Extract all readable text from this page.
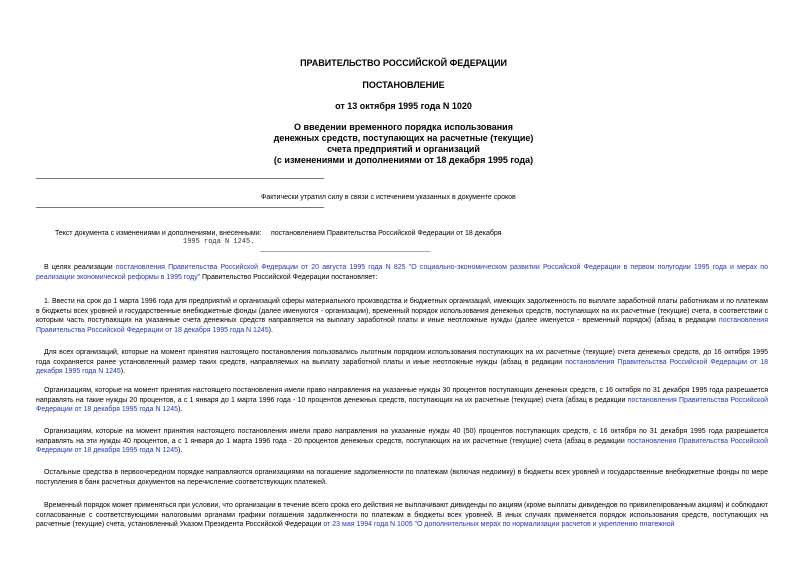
ПРАВИТЕЛЬСТВО РОССИЙСКОЙ ФЕДЕРАЦИИ
ПОСТАНОВЛЕНИЕ
от 13 октября 1995 года N 1020
О введении временного порядка использования
денежных средств, поступающих на расчетные (текущие)
счета предприятий и организаций
(с изменениями и дополнениями от 18 декабря 1995 года)
Фактически утратил силу в связи с истечением указанных в документе сроков
Текст документа с изменениями и дополнениями, внесенными: постановлением Правительства Российской Федерации от 18 декабря
1995 года N 1245.

В целях реализации постановления Правительства Российской Федерации от 20 августа 1995 года N 825 "О социально-экономическом развитии Российской Федерации в первом полугодии 1995 года и мерах по реализации экономической реформы в 1995 году" Правительство Российской Федерации постановляет:

1. Ввести на срок до 1 марта 1996 года для предприятий и организаций сферы материального производства и бюджетных организаций, имеющих задолженность по выплате заработной платы работникам и по платежам в бюджеты всех уровней и государственные внебюджетные фонды (далее именуются - организации), временный порядок использования денежных средств, поступающих на их расчетные (текущие) счета, в соответствии с которым часть поступающих на указанные счета денежных средств направляется на выплату заработной платы и иные неотложные нужды (далее именуется - временный порядок) (абзац в редакции постановления Правительства Российской Федерации от 18 декабря 1995 года N 1245).

Для всех организаций, которые на момент принятия настоящего постановления пользовались льготным порядком использования поступающих на их расчетные (текущие) счета денежных средств, до 16 октября 1995 года сохраняется ранее установленный размер таких средств, направляемых на выплату заработной платы и иные неотложные нужды (абзац в редакции постановления Правительства Российской Федерации от 18 декабря 1995 года N 1245).

Организациям, которые на момент принятия настоящего постановления имели право направления на указанные нужды 30 процентов поступающих денежных средств, с 16 октября по 31 декабря 1995 года разрешается направлять на такие нужды 20 процентов, а с 1 января до 1 марта 1996 года - 10 процентов денежных средств, поступающих на их расчетные (текущие) счета (абзац в редакции постановления Правительства Российской Федерации от 18 декабря 1995 года N 1245).

Организациям, которые на момент принятия настоящего постановления имели право направления на указанные нужды 40 (50) процентов поступающих средств, с 16 октября по 31 декабря 1995 года разрешается направлять на эти нужды 40 процентов, а с 1 января до 1 марта 1996 года - 20 процентов денежных средств, поступающих на их расчетные (текущие) счета (абзац в редакции постановления Правительства Российской Федерации от 18 декабря 1995 года N 1245).

Остальные средства в первоочередном порядке направляются организациями на погашение задолженности по платежам (включая недоимку) в бюджеты всех уровней и государственные внебюджетные фонды по мере поступления в банк расчетных документов на перечисление соответствующих платежей.

Временный порядок может применяться при условии, что организации в течение всего срока его действия не выплачивают дивиденды по акциям (кроме выплаты дивидендов по привилегированным акциям) и соблюдают согласованные с соответствующими налоговыми органами графики погашения задолженности по платежам в бюджеты всех уровней. В иных случаях применяется порядок использования средств, поступающих на расчетные (текущие) счета, установленный Указом Президента Российской Федерации от 23 мая 1994 года N 1005 "О дополнительных мерах по нормализации расчетов и укреплению платежной
